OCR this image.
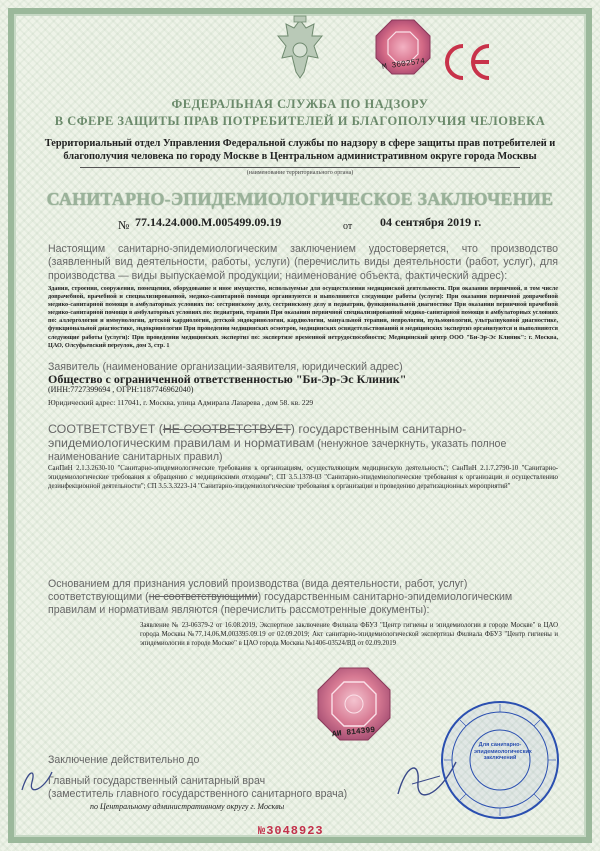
M 3602574
ФЕДЕРАЛЬНАЯ СЛУЖБА ПО НАДЗОРУ
В СФЕРЕ ЗАЩИТЫ ПРАВ ПОТРЕБИТЕЛЕЙ И БЛАГОПОЛУЧИЯ ЧЕЛОВЕКА
Территориальный отдел Управления Федеральной службы по надзору в сфере защиты прав потребителей и благополучия человека по городу Москве в Центральном административном округе города Москвы
(наименование территориального органа)
САНИТАРНО-ЭПИДЕМИОЛОГИЧЕСКОЕ ЗАКЛЮЧЕНИЕ
№ 77.14.24.000.М.005499.09.19	от 04 сентября 2019 г.
Настоящим санитарно-эпидемиологическим заключением удостоверяется, что производство (заявленный вид деятельности, работы, услуги) (перечислить виды деятельности (работ, услуг), для производства — виды выпускаемой продукции; наименование объекта, фактический адрес):
Здания, строения, сооружения, помещения, оборудование и иное имущество, используемые для осуществления медицинской деятельности. При оказании первичной, в том числе доврачебной, врачебной и специализированной, медико-санитарной помощи организуются и выполняются следующие работы (услуги): При оказании первичной доврачебной медико-санитарной помощи в амбулаторных условиях по: сестринскому делу, сестринскому делу в педиатрии, функциональной диагностике При оказании первичной врачебной медико-санитарной помощи в амбулаторных условиях по: педиатрии, терапии При оказании первичной специализированной медико-санитарной помощи в амбулаторных условиях по: аллергологии и иммунологии, детской кардиологии, детской эндокринологии, кардиологии, мануальной терапии, неврологии, пульмонологии, ультразвуковой диагностике, функциональной диагностике, эндокринологии При проведении медицинских осмотров, медицинских освидетельствований и медицинских экспертиз организуются и выполняются следующие работы (услуги): При проведении медицинских экспертиз по: экспертизе временной нетрудоспособности; Медицинский центр ООО "Би-Эр-Эс Клиник": г. Москва, ЦАО, Олсуфьевский переулок, дом 3, стр. 1
Заявитель (наименование организации-заявителя, юридический адрес)
Общество с ограниченной ответственностью "Би-Эр-Эс Клиник"
(ИНН:7727399694 , ОГРН:1187746962040)
Юридический адрес: 117041, г. Москва, улица Адмирала Лазарева , дом 58. кв. 229
СООТВЕТСТВУЕТ (НЕ СООТВЕТСТВУЕТ) государственным санитарно-эпидемиологическим правилам и нормативам (ненужное зачеркнуть, указать полное наименование санитарных правил)
СанПиН 2.1.3.2630-10 "Санитарно-эпидемиологические требования к организациям, осуществляющим медицинскую деятельность"; СанПиН 2.1.7.2790-10 "Санитарно-эпидемиологические требования к обращению с медицинскими отходами"; СП 3.5.1378-03 "Санитарно-эпидемиологические требования к организации и осуществлению дезинфекционной деятельности"; СП 3.5.3.3223-14 "Санитарно-эпидемиологические требования к организации и проведению дератизационных мероприятий"
Основанием для признания условий производства (вида деятельности, работ, услуг) соответствующими (не соответствующими) государственным санитарно-эпидемиологическим правилам и нормативам являются (перечислить рассмотренные документы):
Заявление № 23-06379-2 от 16.08.2019, Экспертное заключение Филиала ФБУЗ "Центр гигиены и эпидемиологии в городе Москве" в ЦАО города Москвы №77.14.06.М.003395.09.19 от 02.09.2019; Акт санитарно-эпидемиологической экспертизы Филиала ФБУЗ "Центр гигиены и эпидемиологии в городе Москве" в ЦАО города Москвы №1406-03524/ВД от 02.09.2019
АИ 814399
Заключение действительно до
Главный государственный санитарный врач
(заместитель главного государственного санитарного врача)
по Центральному административному округу г. Москвы
№3048923
Для санитарно-эпидемиологических заключений
